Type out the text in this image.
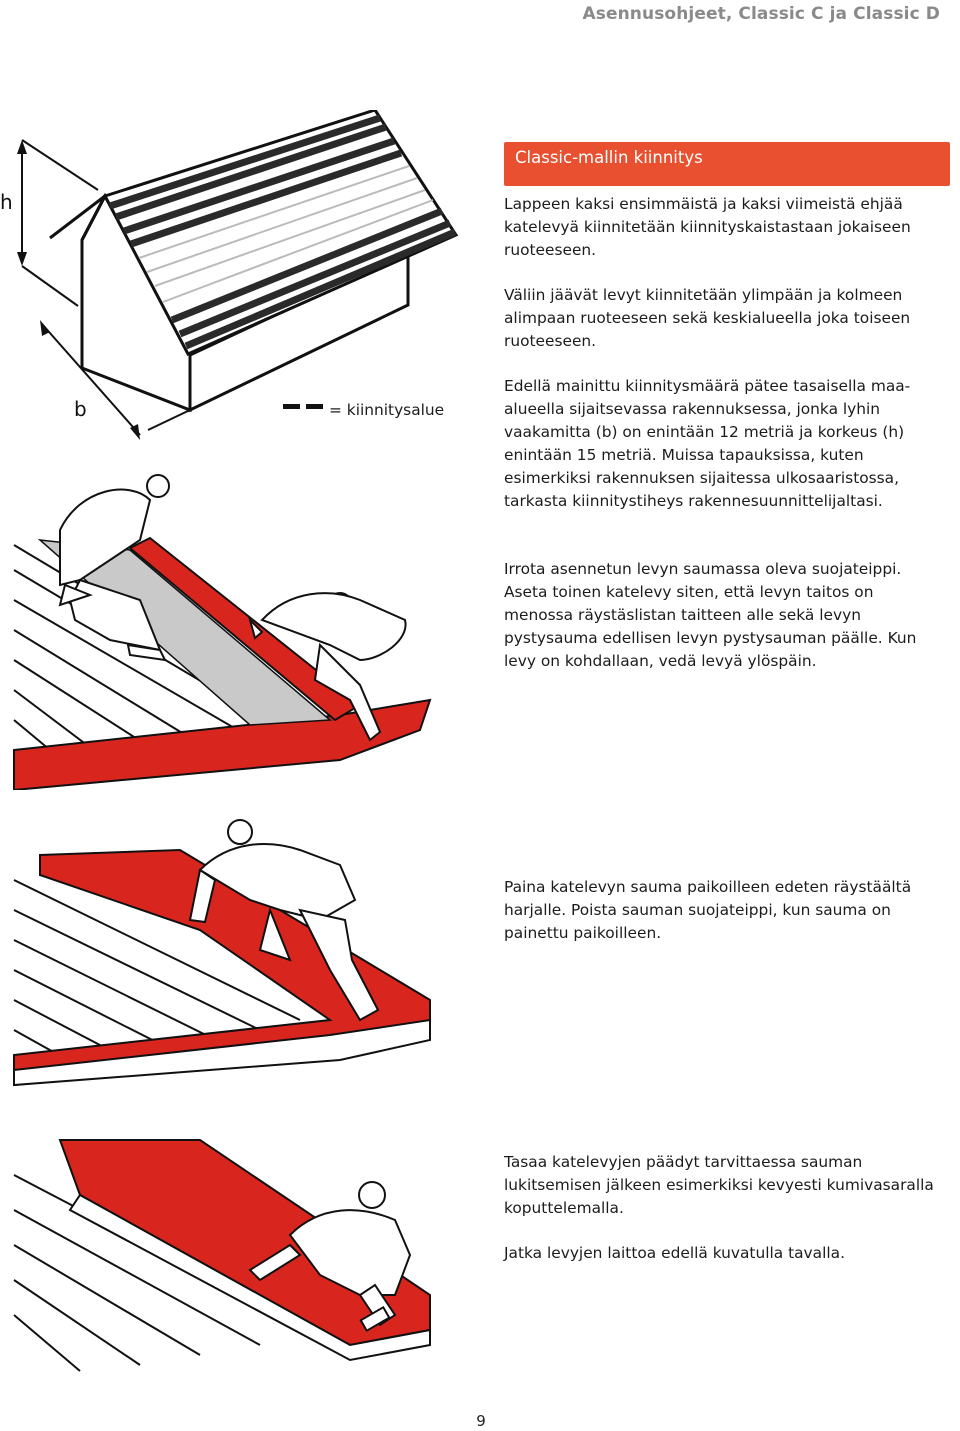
Asennusohjeet, Classic C ja Classic D
h
b	= kiinnitysalue
Classic-mallin kiinnitys

Lappeen kaksi ensimmäistä ja kaksi viimeistä ehjää katelevyä kiinnitetään kiinnityskaistastaan jokaiseen ruoteeseen.

Väliin jäävät levyt kiinnitetään ylimpään ja kolmeen alimpaan ruoteeseen sekä keskialueella joka toiseen ruoteeseen.

Edellä mainittu kiinnitysmäärä pätee tasaisella maa-alueella sijaitsevassa rakennuksessa, jonka lyhin vaakamitta (b) on enintään 12 metriä ja korkeus (h) enintään 15 metriä. Muissa tapauksissa, kuten esimerkiksi rakennuksen sijaitessa ulkosaaristossa, tarkasta kiinnitystiheys rakennesuunnittelijaltasi.

Irrota asennetun levyn saumassa oleva suojateippi. Aseta toinen katelevy siten, että levyn taitos on menossa räystäslistan taitteen alle sekä levyn pystysauma edellisen levyn pystysauman päälle. Kun levy on kohdallaan, vedä levyä ylöspäin.

Paina katelevyn sauma paikoilleen edeten räystäältä harjalle. Poista sauman suojateippi, kun sauma on painettu paikoilleen.

Tasaa katelevyjen päädyt tarvittaessa sauman lukitsemisen jälkeen esimerkiksi kevyesti kumivasaralla koputtelemalla.

Jatka levyjen laittoa edellä kuvatulla tavalla.

9
